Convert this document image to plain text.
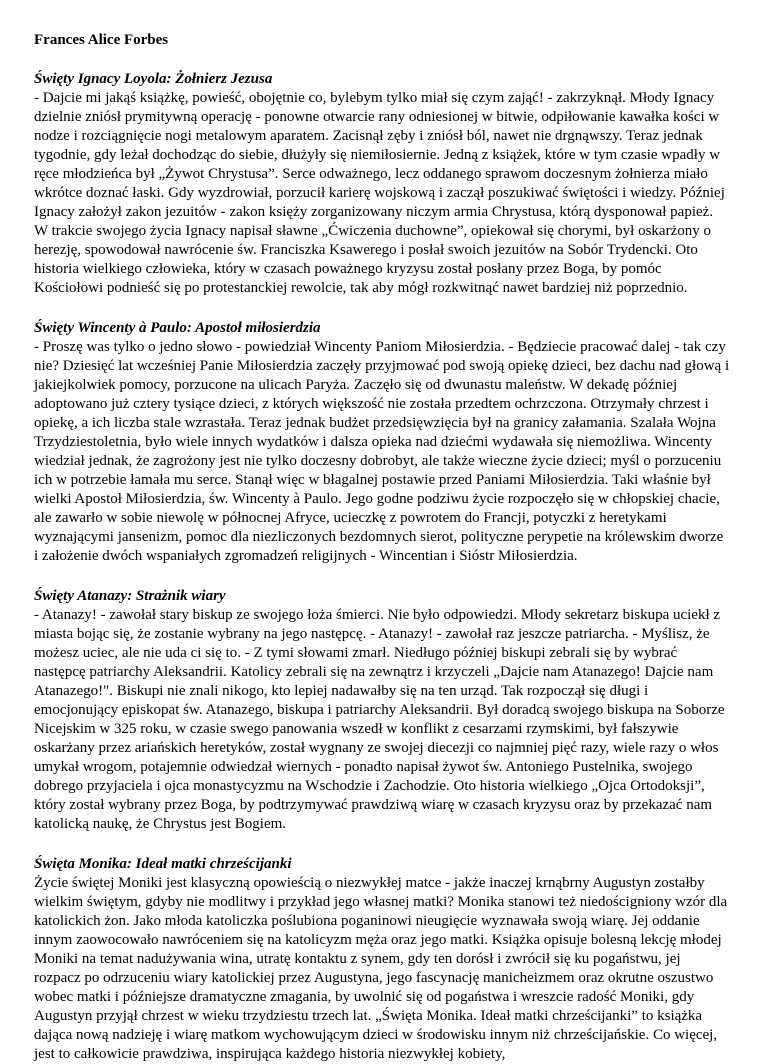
Frances Alice Forbes

Święty Ignacy Loyola: Żołnierz Jezusa

- Dajcie mi jakąś książkę, powieść, obojętnie co, bylebym tylko miał się czym zająć! - zakrzyknął. Młody Ignacy dzielnie zniósł prymitywną operację - ponowne otwarcie rany odniesionej w bitwie, odpiłowanie kawałka kości w nodze i rozciągnięcie nogi metalowym aparatem. Zacisnął zęby i zniósł ból, nawet nie drgnąwszy. Teraz jednak tygodnie, gdy leżał dochodząc do siebie, dłużyły się niemiłosiernie. Jedną z książek, które w tym czasie wpadły w ręce młodzieńca był „Żywot Chrystusa”. Serce odważnego, lecz oddanego sprawom doczesnym żołnierza miało wkrótce doznać łaski. Gdy wyzdrowiał, porzucił karierę wojskową i zaczął poszukiwać świętości i wiedzy. Później Ignacy założył zakon jezuitów - zakon księży zorganizowany niczym armia Chrystusa, którą dysponował papież. W trakcie swojego życia Ignacy napisał sławne „Ćwiczenia duchowne”, opiekował się chorymi, był oskarżony o herezję, spowodował nawrócenie św. Franciszka Ksawerego i posłał swoich jezuitów na Sobór Trydencki. Oto historia wielkiego człowieka, który w czasach poważnego kryzysu został posłany przez Boga, by pomóc Kościołowi podnieść się po protestanckiej rewolcie, tak aby mógł rozkwitnąć nawet bardziej niż poprzednio.

Święty Wincenty à Paulo: Apostoł miłosierdzia

- Proszę was tylko o jedno słowo - powiedział Wincenty Paniom Miłosierdzia. - Będziecie pracować dalej - tak czy nie? Dziesięć lat wcześniej Panie Miłosierdzia zaczęły przyjmować pod swoją opiekę dzieci, bez dachu nad głową i jakiejkolwiek pomocy, porzucone na ulicach Paryża. Zaczęło się od dwunastu maleństw. W dekadę później adoptowano już cztery tysiące dzieci, z których większość nie została przedtem ochrzczona. Otrzymały chrzest i opiekę, a ich liczba stale wzrastała. Teraz jednak budżet przedsięwzięcia był na granicy załamania. Szalała Wojna Trzydziestoletnia, było wiele innych wydatków i dalsza opieka nad dziećmi wydawała się niemożliwa. Wincenty wiedział jednak, że zagrożony jest nie tylko doczesny dobrobyt, ale także wieczne życie dzieci; myśl o porzuceniu ich w potrzebie łamała mu serce. Stanął więc w błagalnej postawie przed Paniami Miłosierdzia. Taki właśnie był wielki Apostoł Miłosierdzia, św. Wincenty à Paulo. Jego godne podziwu życie rozpoczęło się w chłopskiej chacie, ale zawarło w sobie niewolę w północnej Afryce, ucieczkę z powrotem do Francji, potyczki z heretykami wyznającymi jansenizm, pomoc dla niezliczonych bezdomnych sierot, polityczne perypetie na królewskim dworze i założenie dwóch wspaniałych zgromadzeń religijnych - Wincentian i Sióstr Miłosierdzia.

Święty Atanazy: Strażnik wiary

- Atanazy! - zawołał stary biskup ze swojego łoża śmierci. Nie było odpowiedzi. Młody sekretarz biskupa uciekł z miasta bojąc się, że zostanie wybrany na jego następcę. - Atanazy! - zawołał raz jeszcze patriarcha. - Myślisz, że możesz uciec, ale nie uda ci się to. - Z tymi słowami zmarł. Niedługo później biskupi zebrali się by wybrać następcę patriarchy Aleksandrii. Katolicy zebrali się na zewnątrz i krzyczeli „Dajcie nam Atanazego! Dajcie nam Atanazego!". Biskupi nie znali nikogo, kto lepiej nadawałby się na ten urząd. Tak rozpoczął się długi i emocjonujący episkopat św. Atanazego, biskupa i patriarchy Aleksandrii. Był doradcą swojego biskupa na Soborze Nicejskim w 325 roku, w czasie swego panowania wszedł w konflikt z cesarzami rzymskimi, był fałszywie oskarżany przez ariańskich heretyków, został wygnany ze swojej diecezji co najmniej pięć razy, wiele razy o włos umykał wrogom, potajemnie odwiedzał wiernych - ponadto napisał żywot św. Antoniego Pustelnika, swojego dobrego przyjaciela i ojca monastycyzmu na Wschodzie i Zachodzie. Oto historia wielkiego „Ojca Ortodoksji”, który został wybrany przez Boga, by podtrzymywać prawdziwą wiarę w czasach kryzysu oraz by przekazać nam katolicką naukę, że Chrystus jest Bogiem.

Święta Monika: Ideał matki chrześcijanki

Życie świętej Moniki jest klasyczną opowieścią o niezwykłej matce - jakże inaczej krnąbrny Augustyn zostałby wielkim świętym, gdyby nie modlitwy i przykład jego własnej matki? Monika stanowi też niedościgniony wzór dla katolickich żon. Jako młoda katoliczka poślubiona poganinowi nieugięcie wyznawała swoją wiarę. Jej oddanie innym zaowocowało nawróceniem się na katolicyzm męża oraz jego matki. Książka opisuje bolesną lekcję młodej Moniki na temat nadużywania wina, utratę kontaktu z synem, gdy ten dorósł i zwrócił się ku pogaństwu, jej rozpacz po odrzuceniu wiary katolickiej przez Augustyna, jego fascynację manicheizmem oraz okrutne oszustwo wobec matki i późniejsze dramatyczne zmagania, by uwolnić się od pogaństwa i wreszcie radość Moniki, gdy Augustyn przyjął chrzest w wieku trzydziestu trzech lat. „Święta Monika. Ideał matki chrześcijanki” to książka dająca nową nadzieję i wiarę matkom wychowującym dzieci w środowisku innym niż chrześcijańskie. Co więcej, jest to całkowicie prawdziwa, inspirująca każdego historia niezwykłej kobiety,
